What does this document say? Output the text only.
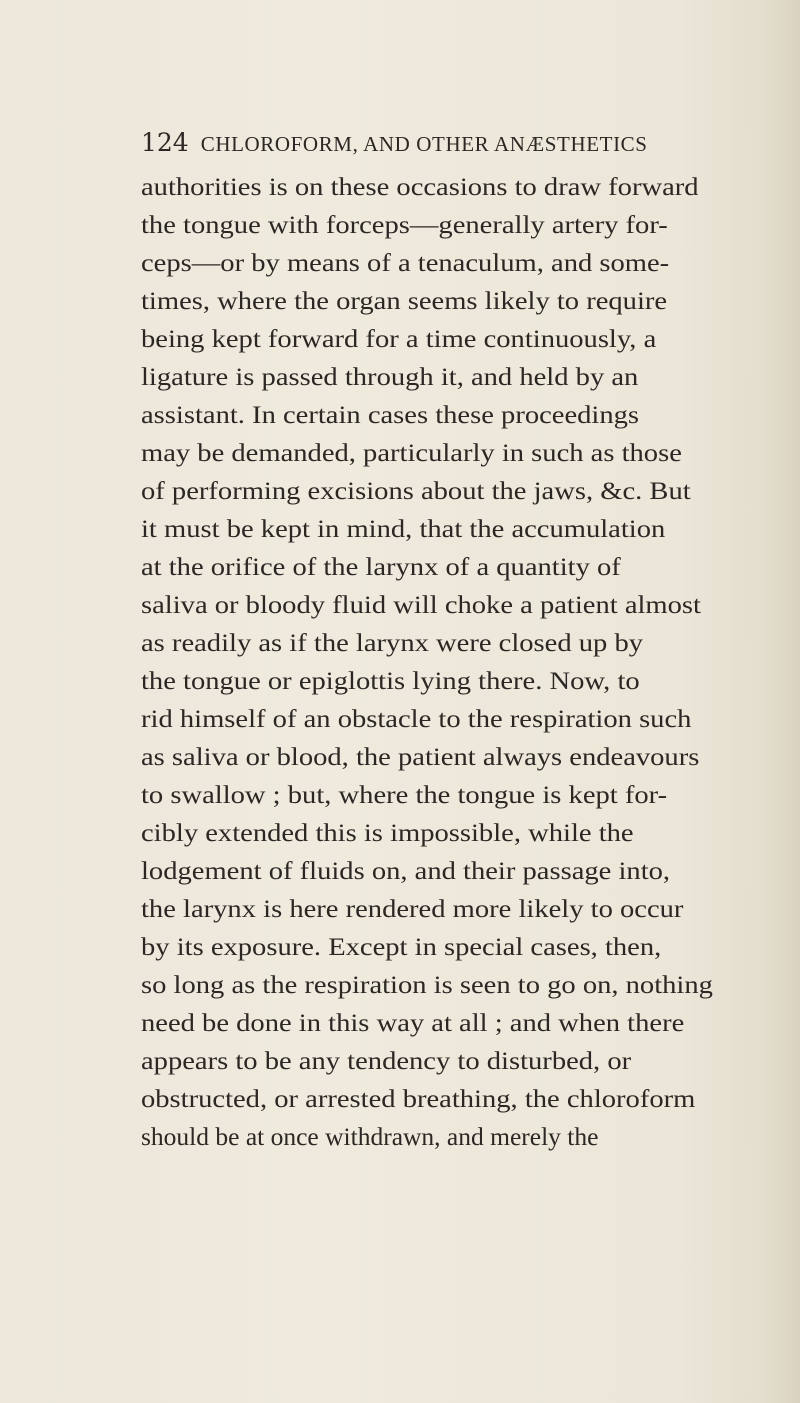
124 CHLOROFORM, AND OTHER ANÆSTHETICS
authorities is on these occasions to draw forward
the tongue with forceps—generally artery for-
ceps—or by means of a tenaculum, and some-
times, where the organ seems likely to require
being kept forward for a time continuously, a
ligature is passed through it, and held by an
assistant. In certain cases these proceedings
may be demanded, particularly in such as those
of performing excisions about the jaws, &c. But
it must be kept in mind, that the accumulation
at the orifice of the larynx of a quantity of
saliva or bloody fluid will choke a patient almost
as readily as if the larynx were closed up by
the tongue or epiglottis lying there. Now, to
rid himself of an obstacle to the respiration such
as saliva or blood, the patient always endeavours
to swallow ; but, where the tongue is kept for-
cibly extended this is impossible, while the
lodgement of fluids on, and their passage into,
the larynx is here rendered more likely to occur
by its exposure. Except in special cases, then,
so long as the respiration is seen to go on, nothing
need be done in this way at all ; and when there
appears to be any tendency to disturbed, or
obstructed, or arrested breathing, the chloroform
should be at once withdrawn, and merely the
